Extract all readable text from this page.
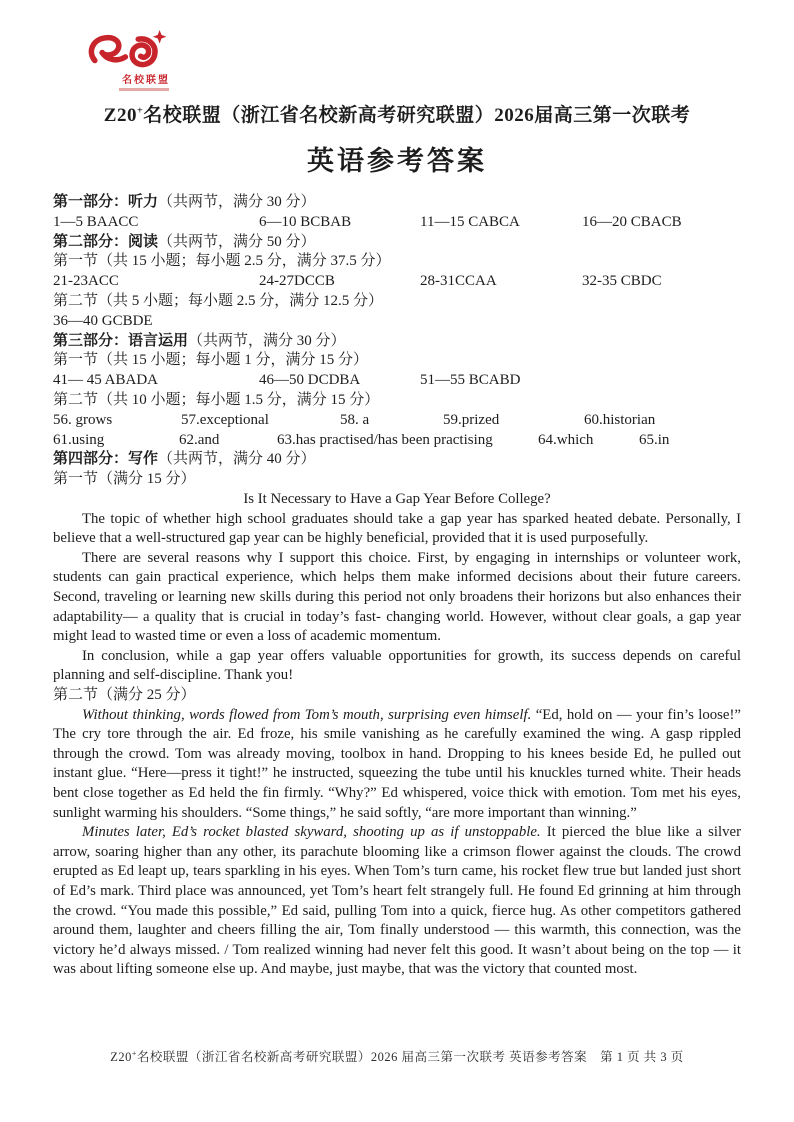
名校联盟
Z20+名校联盟（浙江省名校新高考研究联盟）2026届高三第一次联考
英语参考答案
第一部分：听力（共两节，满分 30 分）
1—5 BAACC	6—10 BCBAB	11—15 CABCA	16—20 CBACB
第二部分：阅读（共两节，满分 50 分）
第一节（共 15 小题；每小题 2.5 分，满分 37.5 分）
21-23ACC	24-27DCCB	28-31CCAA	32-35 CBDC
第二节（共 5 小题；每小题 2.5 分，满分 12.5 分）
36—40 GCBDE
第三部分：语言运用（共两节，满分 30 分）
第一节（共 15 小题；每小题 1 分，满分 15 分）
41— 45 ABADA	46—50 DCDBA	51—55 BCABD
第二节（共 10 小题；每小题 1.5 分，满分 15 分）
56. grows	57.exceptional	58. a	59.prized	60.historian
61.using	62.and	63.has practised/has been practising	64.which	65.in
第四部分：写作（共两节，满分 40 分）
第一节（满分 15 分）

Is It Necessary to Have a Gap Year Before College?

The topic of whether high school graduates should take a gap year has sparked heated debate. Personally, I believe that a well-structured gap year can be highly beneficial, provided that it is used purposefully.

There are several reasons why I support this choice. First, by engaging in internships or volunteer work, students can gain practical experience, which helps them make informed decisions about their future careers. Second, traveling or learning new skills during this period not only broadens their horizons but also enhances their adaptability— a quality that is crucial in today’s fast- changing world. However, without clear goals, a gap year might lead to wasted time or even a loss of academic momentum.

In conclusion, while a gap year offers valuable opportunities for growth, its success depends on careful planning and self-discipline. Thank you!

第二节（满分 25 分）

Without thinking, words flowed from Tom’s mouth, surprising even himself. “Ed, hold on — your fin’s loose!” The cry tore through the air. Ed froze, his smile vanishing as he carefully examined the wing. A gasp rippled through the crowd. Tom was already moving, toolbox in hand. Dropping to his knees beside Ed, he pulled out instant glue. “Here—press it tight!” he instructed, squeezing the tube until his knuckles turned white. Their heads bent close together as Ed held the fin firmly. “Why?” Ed whispered, voice thick with emotion. Tom met his eyes, sunlight warming his shoulders. “Some things,” he said softly, “are more important than winning.”

Minutes later, Ed’s rocket blasted skyward, shooting up as if unstoppable. It pierced the blue like a silver arrow, soaring higher than any other, its parachute blooming like a crimson flower against the clouds. The crowd erupted as Ed leapt up, tears sparkling in his eyes. When Tom’s turn came, his rocket flew true but landed just short of Ed’s mark. Third place was announced, yet Tom’s heart felt strangely full. He found Ed grinning at him through the crowd. “You made this possible,” Ed said, pulling Tom into a quick, fierce hug. As other competitors gathered around them, laughter and cheers filling the air, Tom finally understood — this warmth, this connection, was the victory he’d always missed. / Tom realized winning had never felt this good. It wasn’t about being on the top — it was about lifting someone else up. And maybe, just maybe, that was the victory that counted most.

Z20+名校联盟（浙江省名校新高考研究联盟）2026 届高三第一次联考 英语参考答案　第 1 页 共 3 页
